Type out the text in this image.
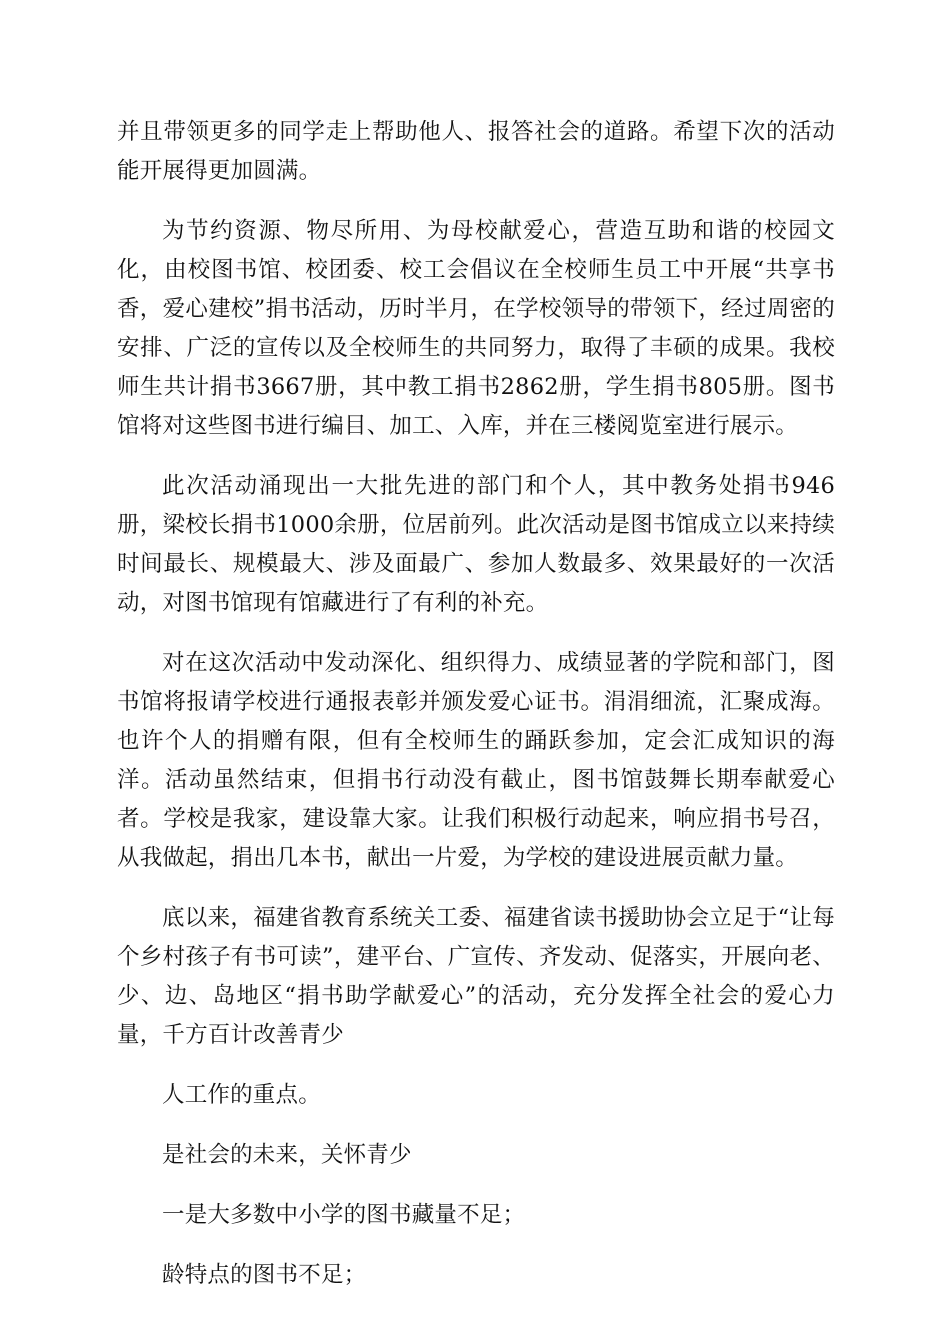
并且带领更多的同学走上帮助他人、报答社会的道路。希望下次的活动能开展得更加圆满。

为节约资源、物尽所用、为母校献爱心，营造互助和谐的校园文化，由校图书馆、校团委、校工会倡议在全校师生员工中开展“共享书香，爱心建校”捐书活动，历时半月，在学校领导的带领下，经过周密的安排、广泛的宣传以及全校师生的共同努力，取得了丰硕的成果。我校师生共计捐书3667册，其中教工捐书2862册，学生捐书805册。图书馆将对这些图书进行编目、加工、入库，并在三楼阅览室进行展示。

此次活动涌现出一大批先进的部门和个人，其中教务处捐书946册，梁校长捐书1000余册，位居前列。此次活动是图书馆成立以来持续时间最长、规模最大、涉及面最广、参加人数最多、效果最好的一次活动，对图书馆现有馆藏进行了有利的补充。

对在这次活动中发动深化、组织得力、成绩显著的学院和部门，图书馆将报请学校进行通报表彰并颁发爱心证书。涓涓细流，汇聚成海。也许个人的捐赠有限，但有全校师生的踊跃参加，定会汇成知识的海洋。活动虽然结束，但捐书行动没有截止，图书馆鼓舞长期奉献爱心者。学校是我家，建设靠大家。让我们积极行动起来，响应捐书号召，从我做起，捐出几本书，献出一片爱，为学校的建设进展贡献力量。

底以来，福建省教育系统关工委、福建省读书援助协会立足于“让每个乡村孩子有书可读”，建平台、广宣传、齐发动、促落实，开展向老、少、边、岛地区“捐书助学献爱心”的活动，充分发挥全社会的爱心力量，千方百计改善青少

人工作的重点。

是社会的未来，关怀青少

一是大多数中小学的图书藏量不足；

龄特点的图书不足；
